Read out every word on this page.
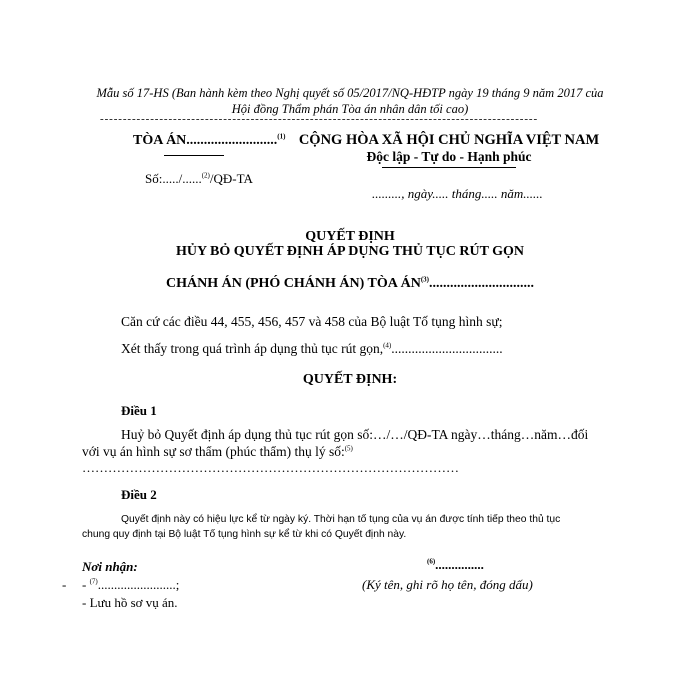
Mẫu số 17-HS (Ban hành kèm theo Nghị quyết số 05/2017/NQ-HĐTP ngày 19 tháng 9 năm 2017 của
Hội đồng Thẩm phán Tòa án nhân dân tối cao)
------------------------------------------------------------------------------------------------
TÒA ÁN..........................$^{(1)}$
Số:...../......$^{(2)}$/QĐ-TA
CỘNG HÒA XÃ HỘI CHỦ NGHĨA VIỆT NAM
Độc lập - Tự do - Hạnh phúc
........., ngày..... tháng..... năm......
QUYẾT ĐỊNH
HỦY BỎ QUYẾT ĐỊNH ÁP DỤNG THỦ TỤC RÚT GỌN
CHÁNH ÁN (PHÓ CHÁNH ÁN) TÒA ÁN$^{(3)}$..............................
Căn cứ các điều 44, 455, 456, 457 và 458 của Bộ luật Tố tụng hình sự;
Xét thấy trong quá trình áp dụng thủ tục rút gọn,$^{(4)}$.................................
QUYẾT ĐỊNH:
Điều 1
Huỷ bỏ Quyết định áp dụng thủ tục rút gọn số:…/…/QĐ-TA ngày…tháng…năm…đối
với vụ án hình sự sơ thẩm (phúc thẩm) thụ lý số:$^{(5)}$
……………………………………………………………………………
Điều 2
Quyết định này có hiệu lực kể từ ngày ký. Thời hạn tố tụng của vụ án được tính tiếp theo thủ tục
chung quy định tại Bộ luật Tố tụng hình sự kể từ khi có Quyết định này.
Nơi nhận:
- - $^{(7)}$........................;
- Lưu hồ sơ vụ án.
$^{(6)}$...............
(Ký tên, ghi rõ họ tên, đóng dấu)
